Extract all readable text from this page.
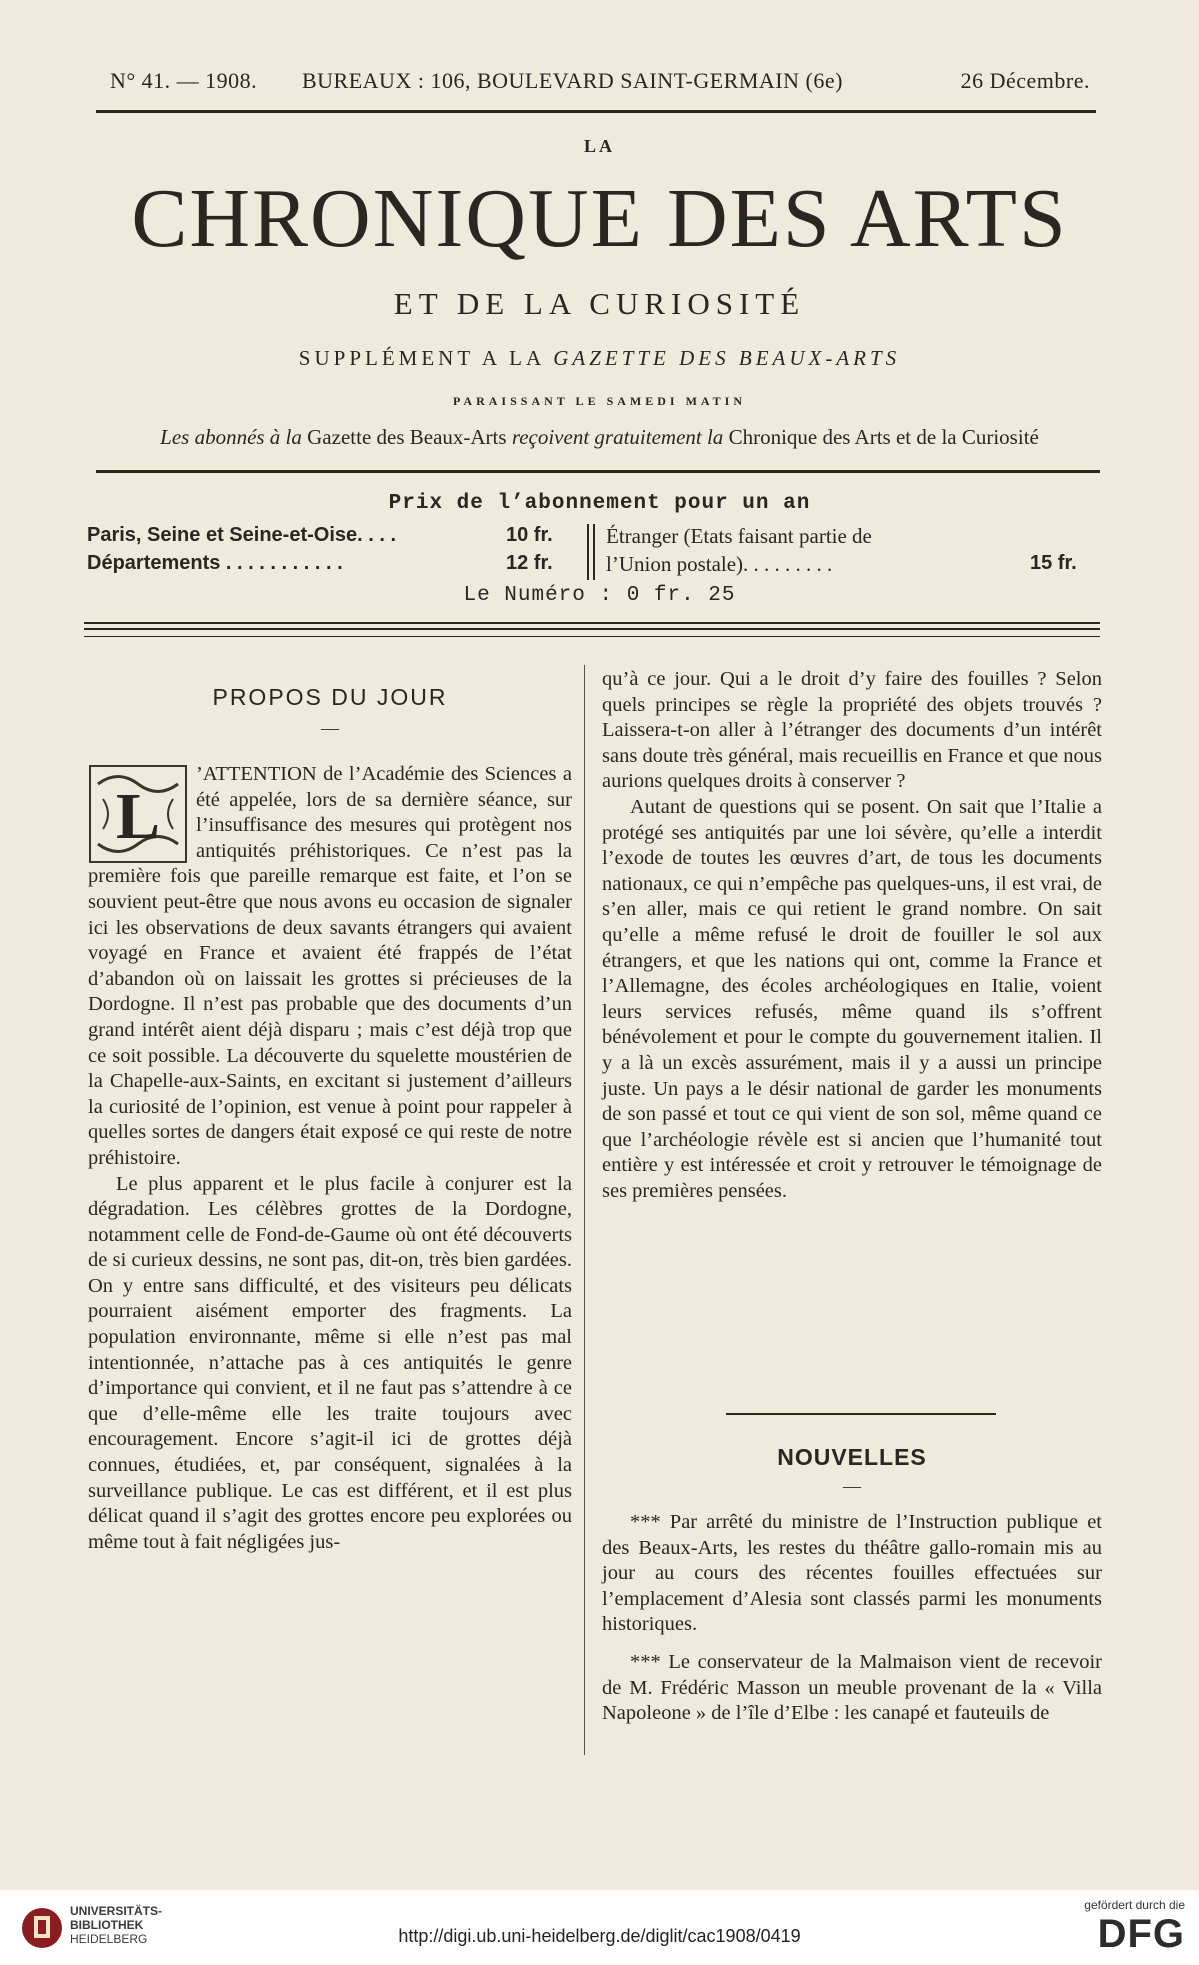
N° 41. — 1908. BUREAUX : 106, BOULEVARD SAINT-GERMAIN (6e)	26 Décembre.
LA
CHRONIQUE DES ARTS
ET DE LA CURIOSITÉ
SUPPLÉMENT A LA GAZETTE DES BEAUX-ARTS
PARAISSANT LE SAMEDI MATIN
Les abonnés à la Gazette des Beaux-Arts reçoivent gratuitement la Chronique des Arts et de la Curiosité
Prix de l’abonnement pour un an
Paris, Seine et Seine-et-Oise. . . .	10 fr.
Départements . . . . . . . . . . .	12 fr.
Étranger (Etats faisant partie de
l’Union postale). . . . . . . . .	15 fr.
Le Numéro : 0 fr. 25
PROPOS DU JOUR
—
L

’ATTENTION de l’Académie des Sciences a été appelée, lors de sa dernière séance, sur l’insuffisance des mesures qui protègent nos antiquités préhistoriques. Ce n’est pas la première fois que pareille remarque est faite, et l’on se souvient peut-être que nous avons eu occasion de signaler ici les observations de deux savants étrangers qui avaient voyagé en France et avaient été frappés de l’état d’abandon où on laissait les grottes si précieuses de la Dordogne. Il n’est pas probable que des documents d’un grand intérêt aient déjà disparu ; mais c’est déjà trop que ce soit possible. La découverte du squelette moustérien de la Chapelle-aux-Saints, en excitant si justement d’ailleurs la curiosité de l’opinion, est venue à point pour rappeler à quelles sortes de dangers était exposé ce qui reste de notre préhistoire.

Le plus apparent et le plus facile à conjurer est la dégradation. Les célèbres grottes de la Dordogne, notamment celle de Fond-de-Gaume où ont été découverts de si curieux dessins, ne sont pas, dit-on, très bien gardées. On y entre sans difficulté, et des visiteurs peu délicats pourraient aisément emporter des fragments. La population environnante, même si elle n’est pas mal intentionnée, n’attache pas à ces antiquités le genre d’importance qui convient, et il ne faut pas s’attendre à ce que d’elle-même elle les traite toujours avec encouragement. Encore s’agit-il ici de grottes déjà connues, étudiées, et, par conséquent, signalées à la surveillance publique. Le cas est différent, et il est plus délicat quand il s’agit des grottes encore peu explorées ou même tout à fait négligées jus-

qu’à ce jour. Qui a le droit d’y faire des fouilles ? Selon quels principes se règle la propriété des objets trouvés ? Laissera-t-on aller à l’étranger des documents d’un intérêt sans doute très général, mais recueillis en France et que nous aurions quelques droits à conserver ?

Autant de questions qui se posent. On sait que l’Italie a protégé ses antiquités par une loi sévère, qu’elle a interdit l’exode de toutes les œuvres d’art, de tous les documents nationaux, ce qui n’empêche pas quelques-uns, il est vrai, de s’en aller, mais ce qui retient le grand nombre. On sait qu’elle a même refusé le droit de fouiller le sol aux étrangers, et que les nations qui ont, comme la France et l’Allemagne, des écoles archéologiques en Italie, voient leurs services refusés, même quand ils s’offrent bénévolement et pour le compte du gouvernement italien. Il y a là un excès assurément, mais il y a aussi un principe juste. Un pays a le désir national de garder les monuments de son passé et tout ce qui vient de son sol, même quand ce que l’archéologie révèle est si ancien que l’humanité tout entière y est intéressée et croit y retrouver le témoignage de ses premières pensées.

NOUVELLES
—

*** Par arrêté du ministre de l’Instruction publique et des Beaux-Arts, les restes du théâtre gallo-romain mis au jour au cours des récentes fouilles effectuées sur l’emplacement d’Alesia sont classés parmi les monuments historiques.

*** Le conservateur de la Malmaison vient de recevoir de M. Frédéric Masson un meuble provenant de la « Villa Napoleone » de l’île d’Elbe : les canapé et fauteuils de

UNIVERSITÄTS-
BIBLIOTHEK
HEIDELBERG	http://digi.ub.uni-heidelberg.de/diglit/cac1908/0419
gefördert durch die
DFG
